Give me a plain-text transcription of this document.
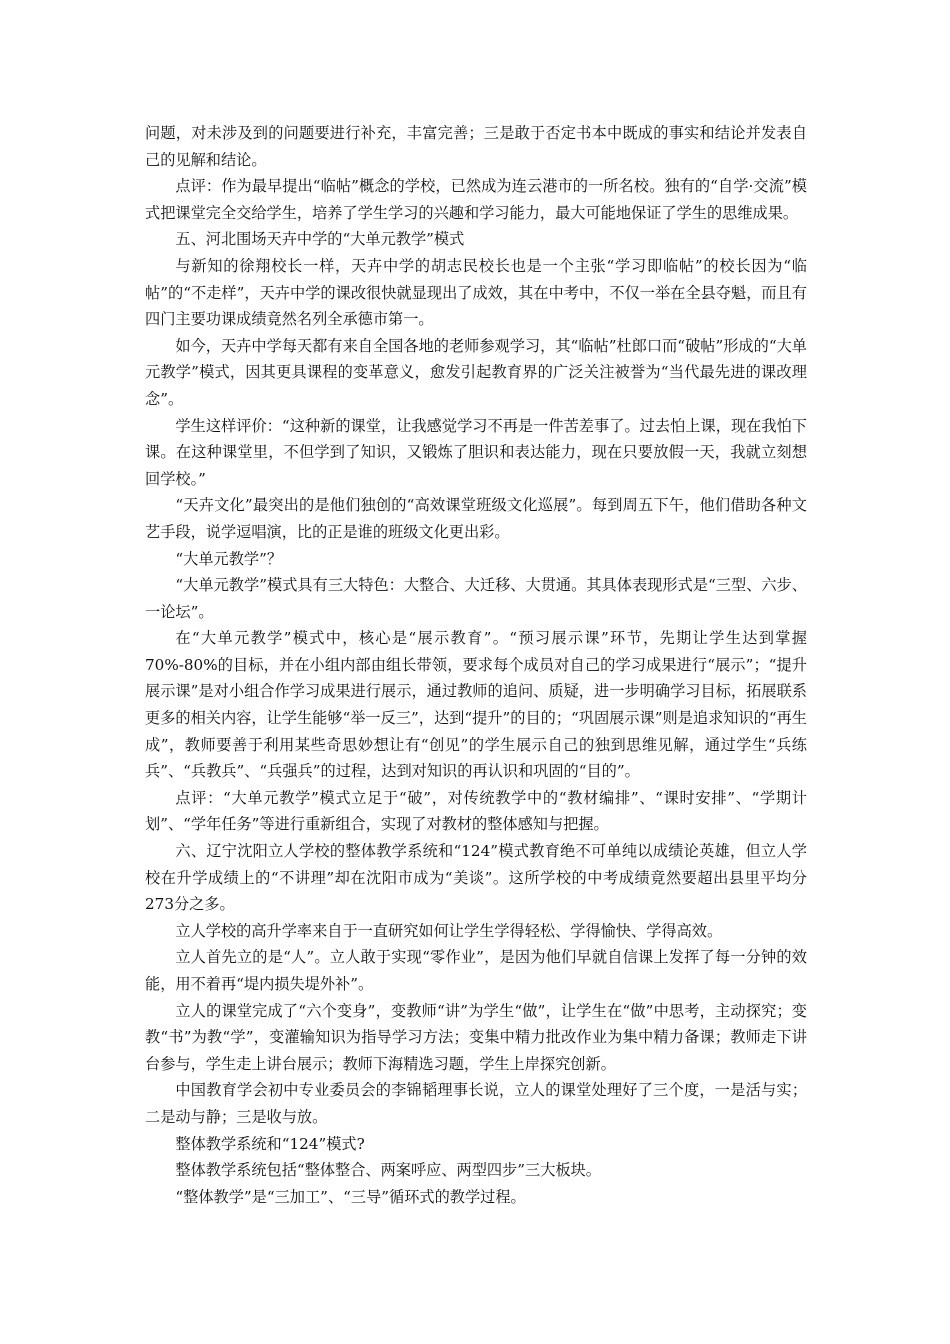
问题，对未涉及到的问题要进行补充，丰富完善；三是敢于否定书本中既成的事实和结论并发表自己的见解和结论。

点评：作为最早提出“临帖”概念的学校，已然成为连云港市的一所名校。独有的“自学·交流”模式把课堂完全交给学生，培养了学生学习的兴趣和学习能力，最大可能地保证了学生的思维成果。

五、河北围场天卉中学的“大单元教学”模式

与新知的徐翔校长一样，天卉中学的胡志民校长也是一个主张“学习即临帖”的校长因为“临帖”的“不走样”，天卉中学的课改很快就显现出了成效，其在中考中，不仅一举在全县夺魁，而且有四门主要功课成绩竟然名列全承德市第一。

如今，天卉中学每天都有来自全国各地的老师参观学习，其“临帖”杜郎口而“破帖”形成的“大单元教学”模式，因其更具课程的变革意义，愈发引起教育界的广泛关注被誉为“当代最先进的课改理念”。

学生这样评价：“这种新的课堂，让我感觉学习不再是一件苦差事了。过去怕上课，现在我怕下课。在这种课堂里，不但学到了知识，又锻炼了胆识和表达能力，现在只要放假一天，我就立刻想回学校。”

“天卉文化”最突出的是他们独创的“高效课堂班级文化巡展”。每到周五下午，他们借助各种文艺手段，说学逗唱演，比的正是谁的班级文化更出彩。

“大单元教学”？

“大单元教学”模式具有三大特色：大整合、大迁移、大贯通。其具体表现形式是“三型、六步、一论坛”。

在“大单元教学”模式中，核心是“展示教育”。“预习展示课”环节，先期让学生达到掌握70%-80%的目标，并在小组内部由组长带领，要求每个成员对自己的学习成果进行“展示”；“提升展示课”是对小组合作学习成果进行展示，通过教师的追问、质疑，进一步明确学习目标，拓展联系更多的相关内容，让学生能够“举一反三”，达到“提升”的目的；“巩固展示课”则是追求知识的“再生成”，教师要善于利用某些奇思妙想让有“创见”的学生展示自己的独到思维见解，通过学生“兵练兵”、“兵教兵”、“兵强兵”的过程，达到对知识的再认识和巩固的“目的”。

点评：“大单元教学”模式立足于“破”，对传统教学中的“教材编排”、“课时安排”、“学期计划”、“学年任务”等进行重新组合，实现了对教材的整体感知与把握。

六、辽宁沈阳立人学校的整体教学系统和“124”模式教育绝不可单纯以成绩论英雄，但立人学校在升学成绩上的“不讲理”却在沈阳市成为“美谈”。这所学校的中考成绩竟然要超出县里平均分273分之多。

立人学校的高升学率来自于一直研究如何让学生学得轻松、学得愉快、学得高效。

立人首先立的是“人”。立人敢于实现“零作业”，是因为他们早就自信课上发挥了每一分钟的效能，用不着再“堤内损失堤外补”。

立人的课堂完成了“六个变身”，变教师“讲”为学生“做”，让学生在“做”中思考，主动探究；变教“书”为教“学”，变灌输知识为指导学习方法；变集中精力批改作业为集中精力备课；教师走下讲台参与，学生走上讲台展示；教师下海精选习题，学生上岸探究创新。

中国教育学会初中专业委员会的李锦韬理事长说，立人的课堂处理好了三个度，一是活与实；二是动与静；三是收与放。

整体教学系统和“124”模式?

整体教学系统包括“整体整合、两案呼应、两型四步”三大板块。

“整体教学”是“三加工”、“三导”循环式的教学过程。
